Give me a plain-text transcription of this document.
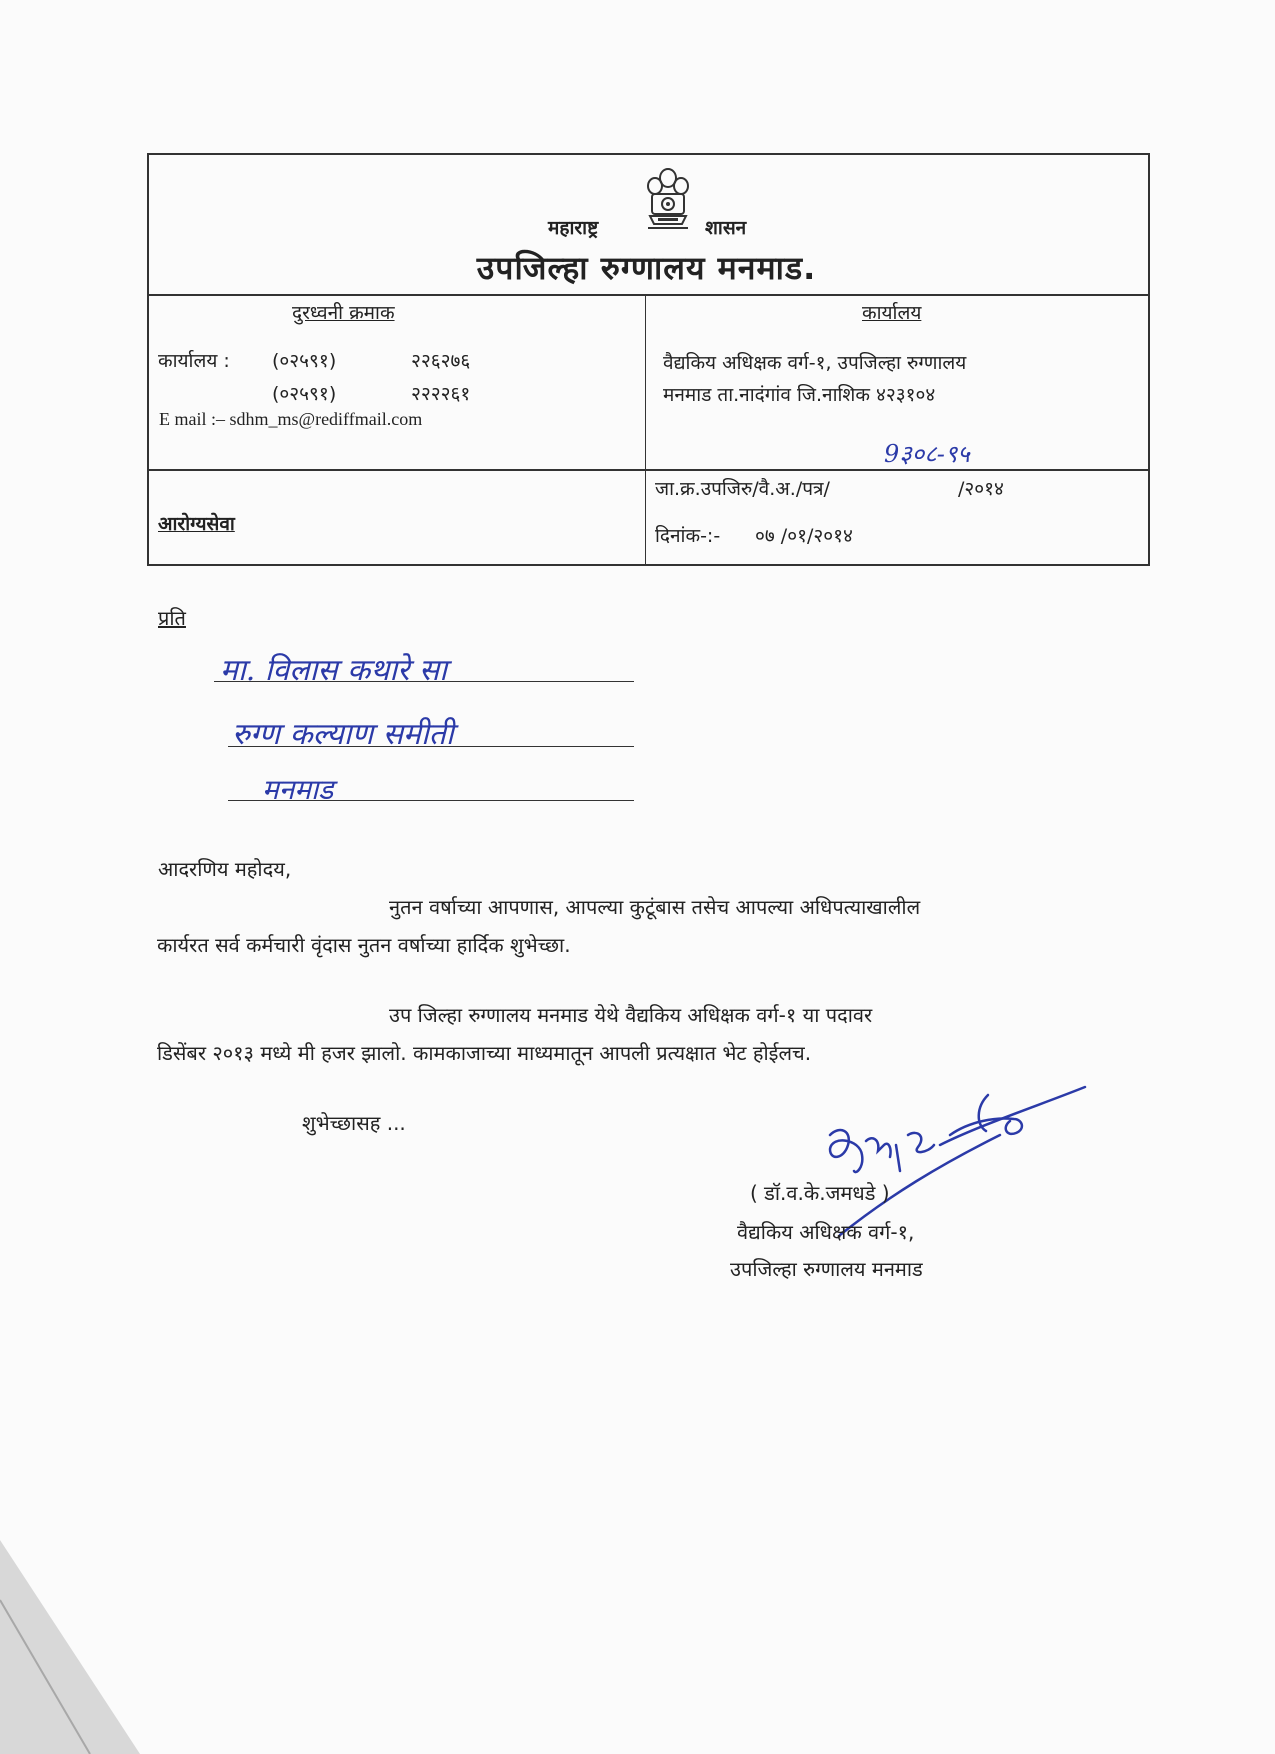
महाराष्ट्र	शासन
उपजिल्हा रुग्णालय मनमाड.
दुरध्वनी क्रमाक	कार्यालय
कार्यालय : (०२५९१)	२२६२७६
(०२५९१)	२२२२६१
E mail :– sdhm_ms@rediffmail.com
वैद्यकिय अधिक्षक वर्ग-१, उपजिल्हा रुग्णालय
मनमाड ता.नादंगांव जि.नाशिक ४२३१०४
आरोग्यसेवा
9३०८-९५
जा.क्र.उपजिरु/वै.अ./पत्र/	/२०१४
दिनांक-:- ०७ /०१/२०१४
प्रति
मा. विलास कथारे सा
रुग्ण कल्याण समीती
मनमाड
आदरणिय महोदय,
नुतन वर्षाच्या आपणास, आपल्या कुटूंबास तसेच आपल्या अधिपत्याखालील
कार्यरत सर्व कर्मचारी वृंदास नुतन वर्षाच्या हार्दिक शुभेच्छा.
उप जिल्हा रुग्णालय मनमाड येथे वैद्यकिय अधिक्षक वर्ग-१ या पदावर
डिसेंबर २०१३ मध्ये मी हजर झालो. कामकाजाच्या माध्यमातून आपली प्रत्यक्षात भेट होईलच.
शुभेच्छासह ...
( डॉ.व.के.जमधडे )
वैद्यकिय अधिक्षक वर्ग-१,
उपजिल्हा रुग्णालय मनमाड
